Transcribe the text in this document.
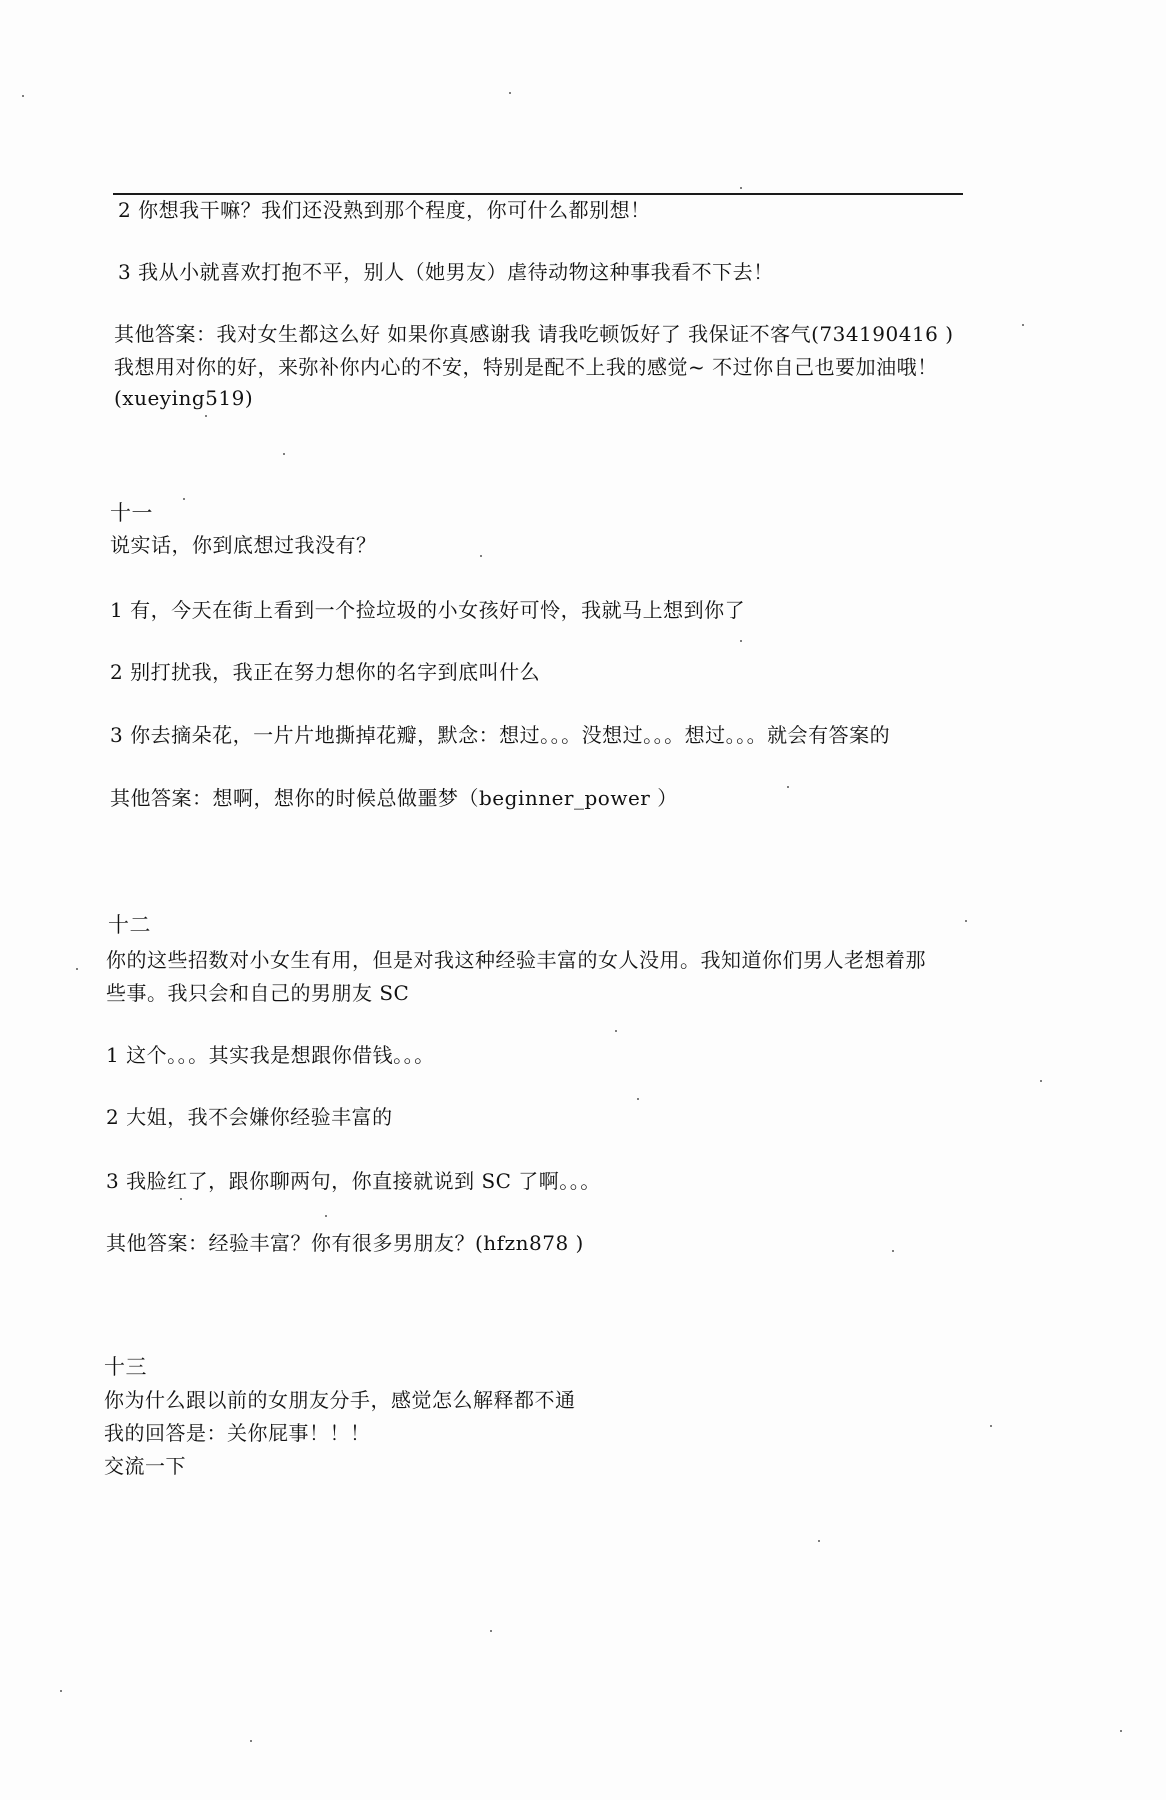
2 你想我干嘛？我们还没熟到那个程度，你可什么都别想！
3 我从小就喜欢打抱不平，别人（她男友）虐待动物这种事我看不下去！
其他答案：我对女生都这么好 如果你真感谢我 请我吃顿饭好了 我保证不客气(734190416 )
我想用对你的好，来弥补你内心的不安，特别是配不上我的感觉~ 不过你自己也要加油哦！
(xueying519)
十一
说实话，你到底想过我没有？
1 有，今天在街上看到一个捡垃圾的小女孩好可怜，我就马上想到你了
2 别打扰我，我正在努力想你的名字到底叫什么
3 你去摘朵花，一片片地撕掉花瓣，默念：想过。。。没想过。。。想过。。。就会有答案的
其他答案：想啊，想你的时候总做噩梦（beginner_power ）
十二
你的这些招数对小女生有用，但是对我这种经验丰富的女人没用。我知道你们男人老想着那
些事。我只会和自己的男朋友 SC
1 这个。。。其实我是想跟你借钱。。。
2 大姐，我不会嫌你经验丰富的
3 我脸红了，跟你聊两句，你直接就说到 SC 了啊。。。
其他答案：经验丰富？你有很多男朋友？(hfzn878 )
十三
你为什么跟以前的女朋友分手，感觉怎么解释都不通
我的回答是：关你屁事！！！
交流一下
